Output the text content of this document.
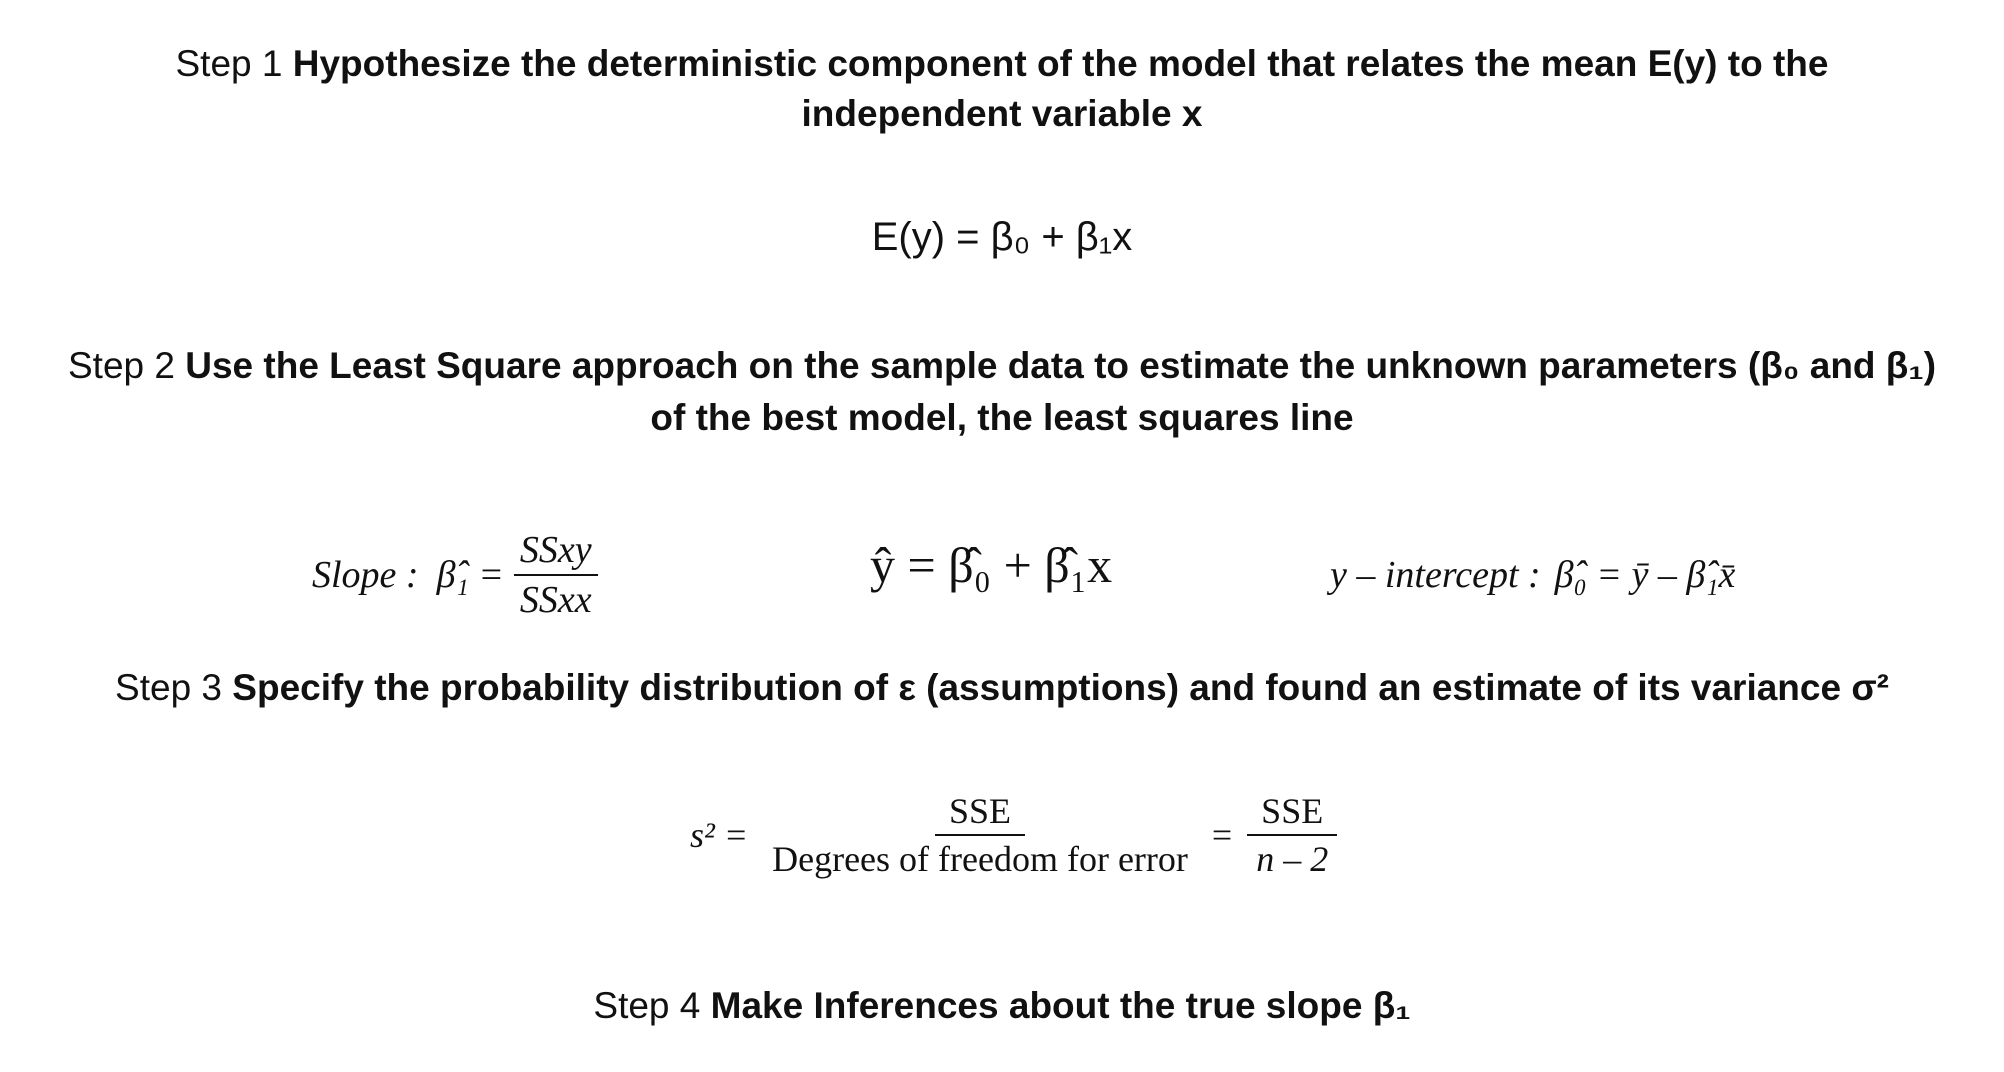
Step 1 Hypothesize the deterministic component of the model that relates the mean E(y) to the
independent variable x
E(y) = β₀ + β₁x
Step 2 Use the Least Square approach on the sample data to estimate the unknown parameters (β₀ and β₁)
of the best model, the least squares line
Slope : β̂₁ = $\frac{\text{SSxy}}{\text{SSxx}}$	ŷ = β̂₀ + β̂₁x	y – intercept : β̂₀ = ȳ – β̂₁x̄
Step 3 Specify the probability distribution of ε (assumptions) and found an estimate of its variance σ²
$s^2 = \frac{\text{SSE}}{\text{Degrees of freedom for error}} = \frac{\text{SSE}}{n - 2}$
Step 4 Make Inferences about the true slope β₁
